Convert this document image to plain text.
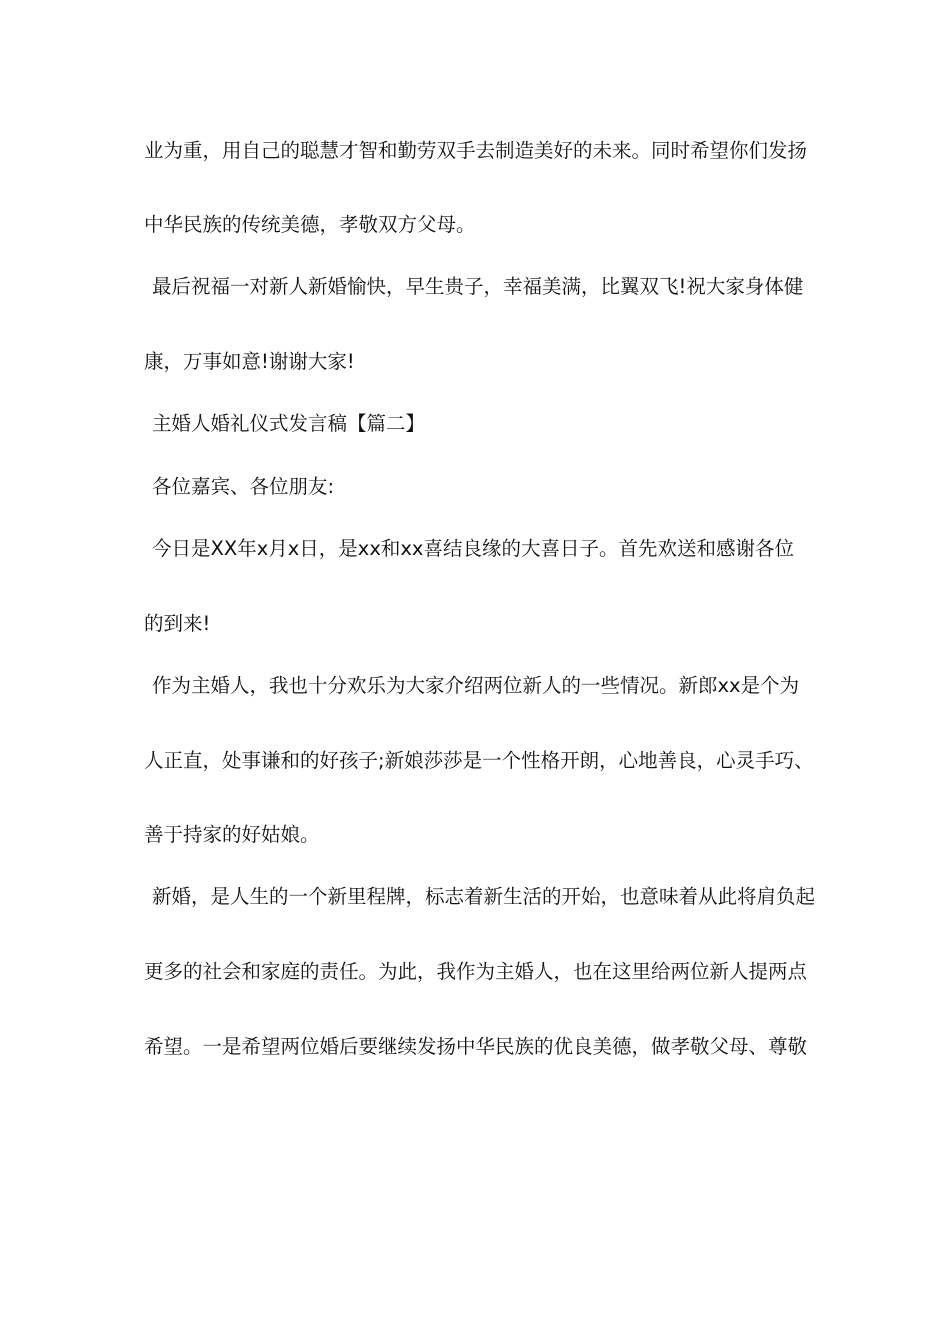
业为重，用自己的聪慧才智和勤劳双手去制造美好的未来。同时希望你们发扬
中华民族的传统美德，孝敬双方父母。
最后祝福一对新人新婚愉快，早生贵子，幸福美满，比翼双飞!祝大家身体健
康，万事如意!谢谢大家!
主婚人婚礼仪式发言稿【篇二】
各位嘉宾、各位朋友:
今日是XX年x月x日，是xx和xx喜结良缘的大喜日子。首先欢送和感谢各位
的到来!
作为主婚人，我也十分欢乐为大家介绍两位新人的一些情况。新郎xx是个为
人正直，处事谦和的好孩子;新娘莎莎是一个性格开朗，心地善良，心灵手巧、
善于持家的好姑娘。
新婚，是人生的一个新里程牌，标志着新生活的开始，也意味着从此将肩负起
更多的社会和家庭的责任。为此，我作为主婚人，也在这里给两位新人提两点
希望。一是希望两位婚后要继续发扬中华民族的优良美德，做孝敬父母、尊敬
